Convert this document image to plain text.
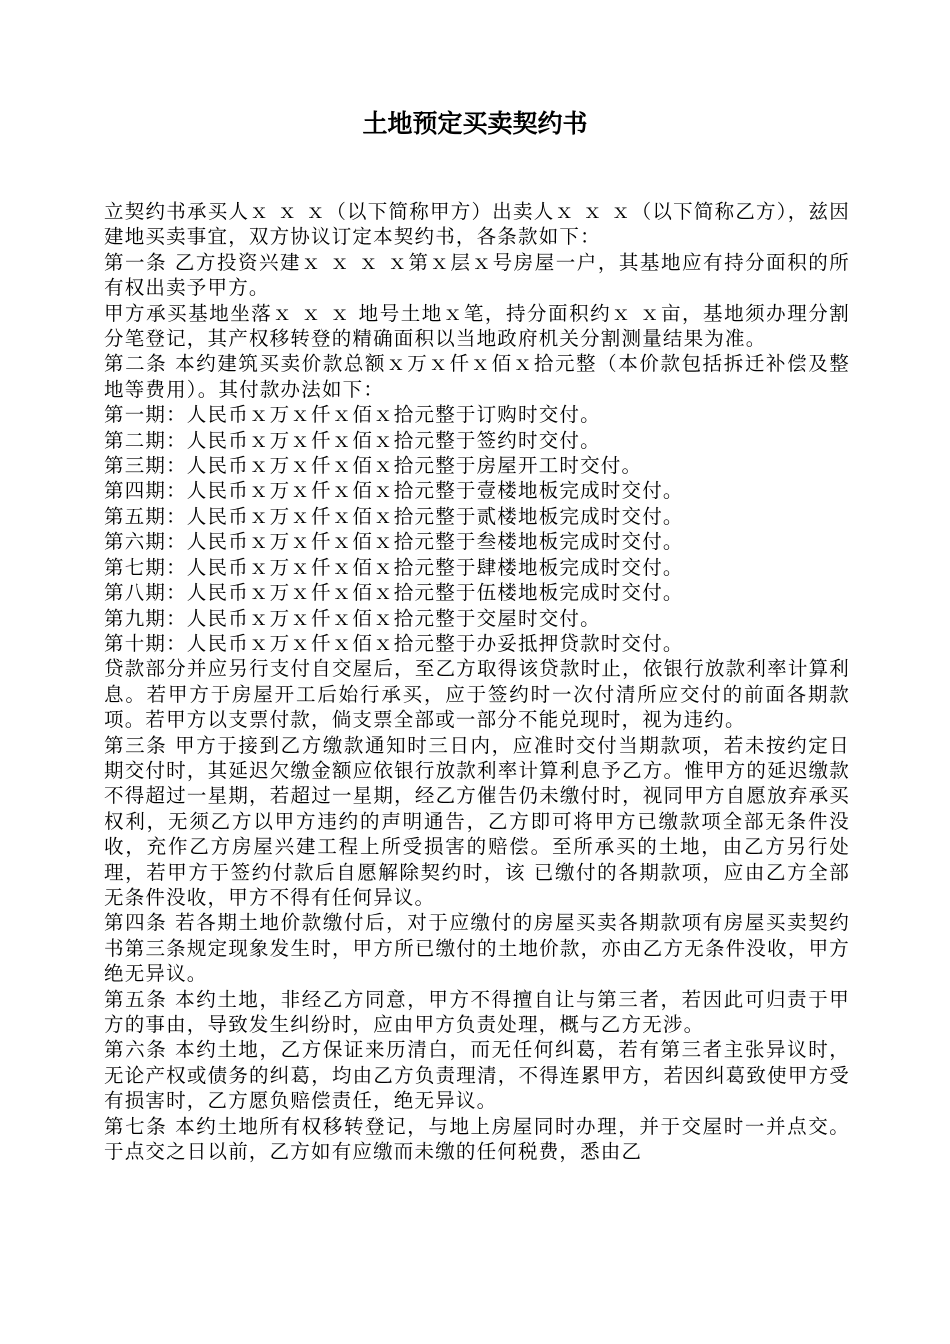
土地预定买卖契约书

立契约书承买人ｘ ｘ ｘ（以下简称甲方）出卖人ｘ ｘ ｘ（以下简称乙方），兹因建地买卖事宜，双方协议订定本契约书，各条款如下：

第一条 乙方投资兴建ｘ ｘ ｘ ｘ第ｘ层ｘ号房屋一户，其基地应有持分面积的所有权出卖予甲方。

甲方承买基地坐落ｘ ｘ ｘ 地号土地ｘ笔，持分面积约ｘ ｘ亩，基地须办理分割分笔登记，其产权移转登的精确面积以当地政府机关分割测量结果为准。

第二条 本约建筑买卖价款总额ｘ万ｘ仟ｘ佰ｘ拾元整（本价款包括拆迁补偿及整地等费用）。其付款办法如下：

第一期：人民币ｘ万ｘ仟ｘ佰ｘ拾元整于订购时交付。

第二期：人民币ｘ万ｘ仟ｘ佰ｘ拾元整于签约时交付。

第三期：人民币ｘ万ｘ仟ｘ佰ｘ拾元整于房屋开工时交付。

第四期：人民币ｘ万ｘ仟ｘ佰ｘ拾元整于壹楼地板完成时交付。

第五期：人民币ｘ万ｘ仟ｘ佰ｘ拾元整于贰楼地板完成时交付。

第六期：人民币ｘ万ｘ仟ｘ佰ｘ拾元整于叁楼地板完成时交付。

第七期：人民币ｘ万ｘ仟ｘ佰ｘ拾元整于肆楼地板完成时交付。

第八期：人民币ｘ万ｘ仟ｘ佰ｘ拾元整于伍楼地板完成时交付。

第九期：人民币ｘ万ｘ仟ｘ佰ｘ拾元整于交屋时交付。

第十期：人民币ｘ万ｘ仟ｘ佰ｘ拾元整于办妥抵押贷款时交付。

贷款部分并应另行支付自交屋后，至乙方取得该贷款时止，依银行放款利率计算利息。若甲方于房屋开工后始行承买，应于签约时一次付清所应交付的前面各期款项。若甲方以支票付款，倘支票全部或一部分不能兑现时，视为违约。

第三条 甲方于接到乙方缴款通知时三日内，应准时交付当期款项，若未按约定日期交付时，其延迟欠缴金额应依银行放款利率计算利息予乙方。惟甲方的延迟缴款不得超过一星期，若超过一星期，经乙方催告仍未缴付时，视同甲方自愿放弃承买权利，无须乙方以甲方违约的声明通告，乙方即可将甲方已缴款项全部无条件没收，充作乙方房屋兴建工程上所受损害的赔偿。至所承买的土地，由乙方另行处理，若甲方于签约付款后自愿解除契约时，该 已缴付的各期款项，应由乙方全部无条件没收，甲方不得有任何异议。

第四条 若各期土地价款缴付后，对于应缴付的房屋买卖各期款项有房屋买卖契约书第三条规定现象发生时，甲方所已缴付的土地价款，亦由乙方无条件没收，甲方绝无异议。

第五条 本约土地，非经乙方同意，甲方不得擅自让与第三者，若因此可归责于甲方的事由，导致发生纠纷时，应由甲方负责处理，概与乙方无涉。

第六条 本约土地，乙方保证来历清白，而无任何纠葛，若有第三者主张异议时，无论产权或债务的纠葛，均由乙方负责理清，不得连累甲方，若因纠葛致使甲方受有损害时，乙方愿负赔偿责任，绝无异议。

第七条 本约土地所有权移转登记，与地上房屋同时办理，并于交屋时一并点交。于点交之日以前，乙方如有应缴而未缴的任何税费，悉由乙
